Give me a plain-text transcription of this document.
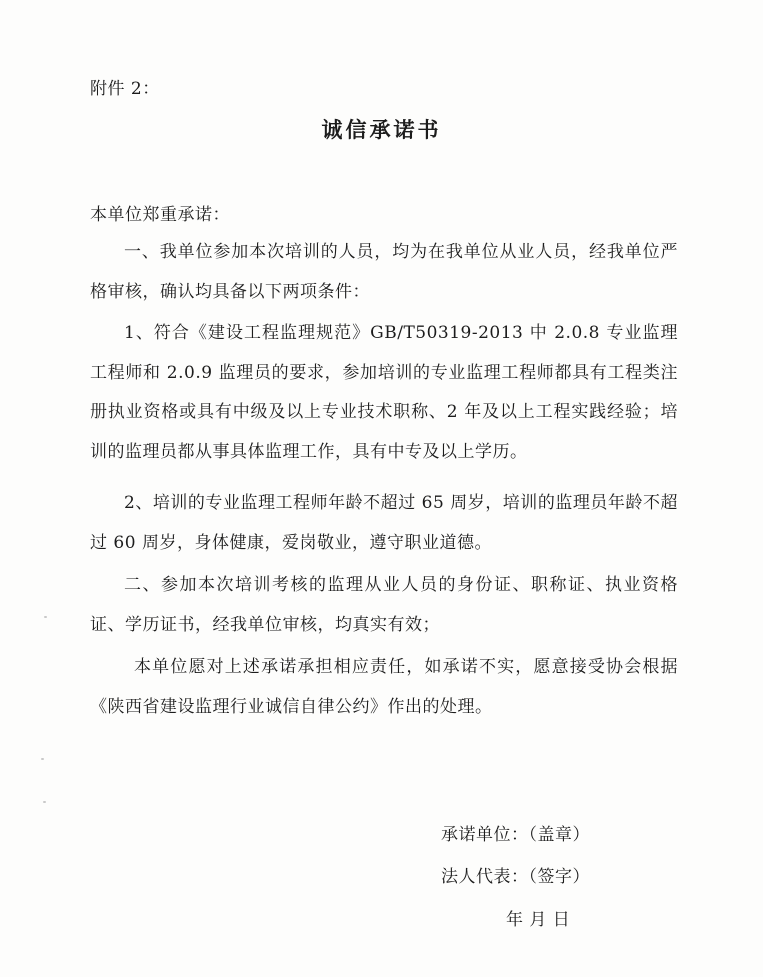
附件 2：
诚信承诺书
本单位郑重承诺：
一、我单位参加本次培训的人员，均为在我单位从业人员，经我单位严格审核，确认均具备以下两项条件：
1、符合《建设工程监理规范》GB/T50319-2013 中 2.0.8 专业监理工程师和 2.0.9 监理员的要求，参加培训的专业监理工程师都具有工程类注册执业资格或具有中级及以上专业技术职称、2 年及以上工程实践经验；培训的监理员都从事具体监理工作，具有中专及以上学历。
2、培训的专业监理工程师年龄不超过 65 周岁，培训的监理员年龄不超过 60 周岁，身体健康，爱岗敬业，遵守职业道德。
二、参加本次培训考核的监理从业人员的身份证、职称证、执业资格证、学历证书，经我单位审核，均真实有效；
本单位愿对上述承诺承担相应责任，如承诺不实，愿意接受协会根据《陕西省建设监理行业诚信自律公约》作出的处理。
承诺单位：（盖章）
法人代表：（签字）
年 月 日
